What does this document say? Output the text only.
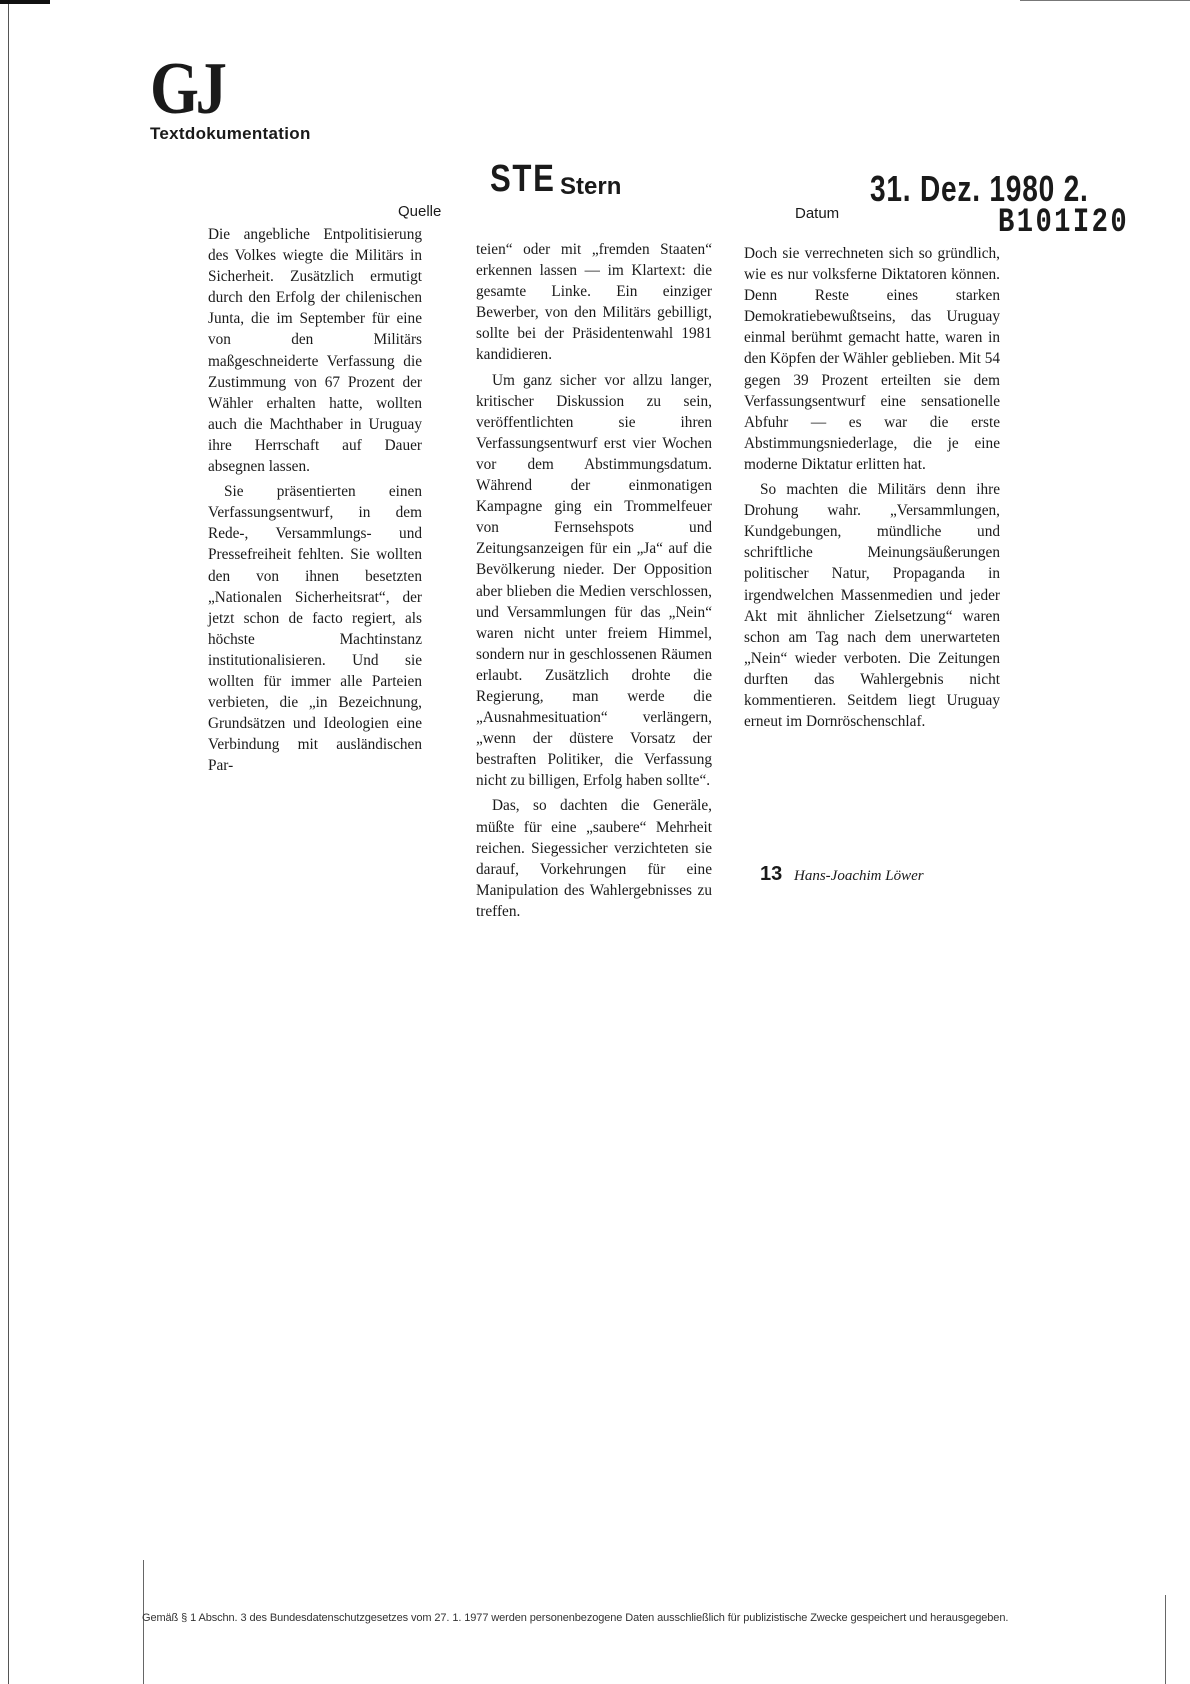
GJ
Textdokumentation
STE Stern
Quelle
31. Dez. 1980 2.
Datum	B101I20

Die angebliche Entpolitisierung des Volkes wiegte die Militärs in Sicherheit. Zusätzlich ermutigt durch den Erfolg der chilenischen Junta, die im September für eine von den Militärs maßgeschneiderte Verfassung die Zustimmung von 67 Prozent der Wähler erhalten hatte, wollten auch die Machthaber in Uruguay ihre Herrschaft auf Dauer absegnen lassen.

Sie präsentierten einen Verfassungsentwurf, in dem Rede-, Versammlungs- und Pressefreiheit fehlten. Sie wollten den von ihnen besetzten „Nationalen Sicherheitsrat“, der jetzt schon de facto regiert, als höchste Machtinstanz institutionalisieren. Und sie wollten für immer alle Parteien verbieten, die „in Bezeichnung, Grundsätzen und Ideologien eine Verbindung mit ausländischen Par-

teien“ oder mit „fremden Staaten“ erkennen lassen — im Klartext: die gesamte Linke. Ein einziger Bewerber, von den Militärs gebilligt, sollte bei der Präsidentenwahl 1981 kandidieren.

Um ganz sicher vor allzu langer, kritischer Diskussion zu sein, veröffentlichten sie ihren Verfassungsentwurf erst vier Wochen vor dem Abstimmungsdatum. Während der einmonatigen Kampagne ging ein Trommelfeuer von Fernsehspots und Zeitungsanzeigen für ein „Ja“ auf die Bevölkerung nieder. Der Opposition aber blieben die Medien verschlossen, und Versammlungen für das „Nein“ waren nicht unter freiem Himmel, sondern nur in geschlossenen Räumen erlaubt. Zusätzlich drohte die Regierung, man werde die „Ausnahmesituation“ verlängern, „wenn der düstere Vorsatz der bestraften Politiker, die Verfassung nicht zu billigen, Erfolg haben sollte“.

Das, so dachten die Generäle, müßte für eine „saubere“ Mehrheit reichen. Siegessicher verzichteten sie darauf, Vorkehrungen für eine Manipulation des Wahlergebnisses zu treffen.

Doch sie verrechneten sich so gründlich, wie es nur volksferne Diktatoren können. Denn Reste eines starken Demokratiebewußtseins, das Uruguay einmal berühmt gemacht hatte, waren in den Köpfen der Wähler geblieben. Mit 54 gegen 39 Prozent erteilten sie dem Verfassungsentwurf eine sensationelle Abfuhr — es war die erste Abstimmungsniederlage, die je eine moderne Diktatur erlitten hat.

So machten die Militärs denn ihre Drohung wahr. „Versammlungen, Kundgebungen, mündliche und schriftliche Meinungsäußerungen politischer Natur, Propaganda in irgendwelchen Massenmedien und jeder Akt mit ähnlicher Zielsetzung“ waren schon am Tag nach dem unerwarteten „Nein“ wieder verboten. Die Zeitungen durften das Wahlergebnis nicht kommentieren. Seitdem liegt Uruguay erneut im Dornröschenschlaf.

13 Hans-Joachim Löwer
Gemäß § 1 Abschn. 3 des Bundesdatenschutzgesetzes vom 27. 1. 1977 werden personenbezogene Daten ausschließlich für publizistische Zwecke gespeichert und herausgegeben.
